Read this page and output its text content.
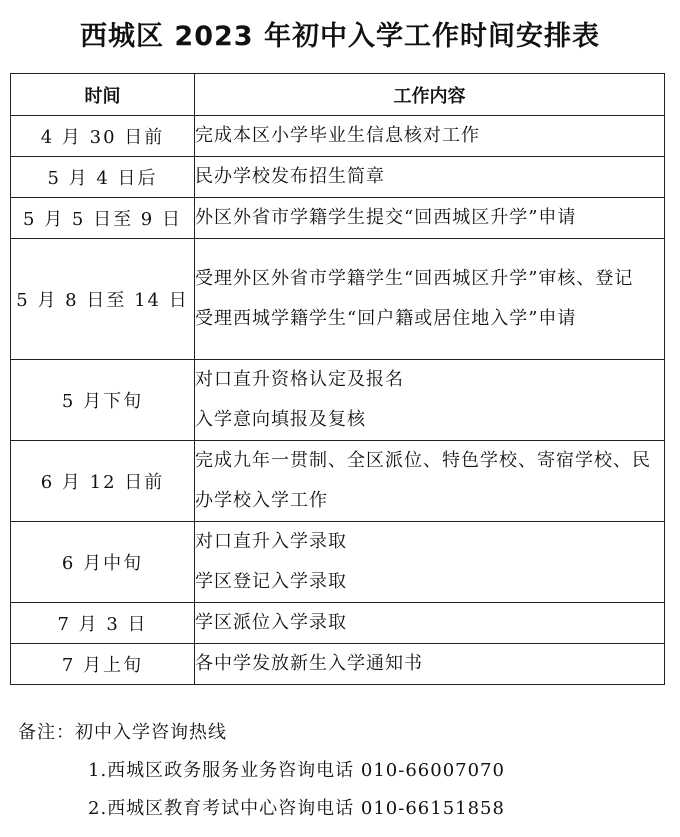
西城区 2023 年初中入学工作时间安排表
时间	工作内容
4 月 30 日前	完成本区小学毕业生信息核对工作

5 月 4 日后	民办学校发布招生简章

5 月 5 日至 9 日	外区外省市学籍学生提交“回西城区升学”申请

5 月 8 日至 14 日	受理外区外省市学籍学生“回西城区升学”审核、登记
受理西城学籍学生“回户籍或居住地入学”申请

5 月下旬	对口直升资格认定及报名
入学意向填报及复核

6 月 12 日前	完成九年一贯制、全区派位、特色学校、寄宿学校、民办学校入学工作

6 月中旬	对口直升入学录取
学区登记入学录取

7 月 3 日	学区派位入学录取

7 月上旬	各中学发放新生入学通知书
备注：初中入学咨询热线
1.西城区政务服务业务咨询电话 010-66007070
2.西城区教育考试中心咨询电话 010-66151858
